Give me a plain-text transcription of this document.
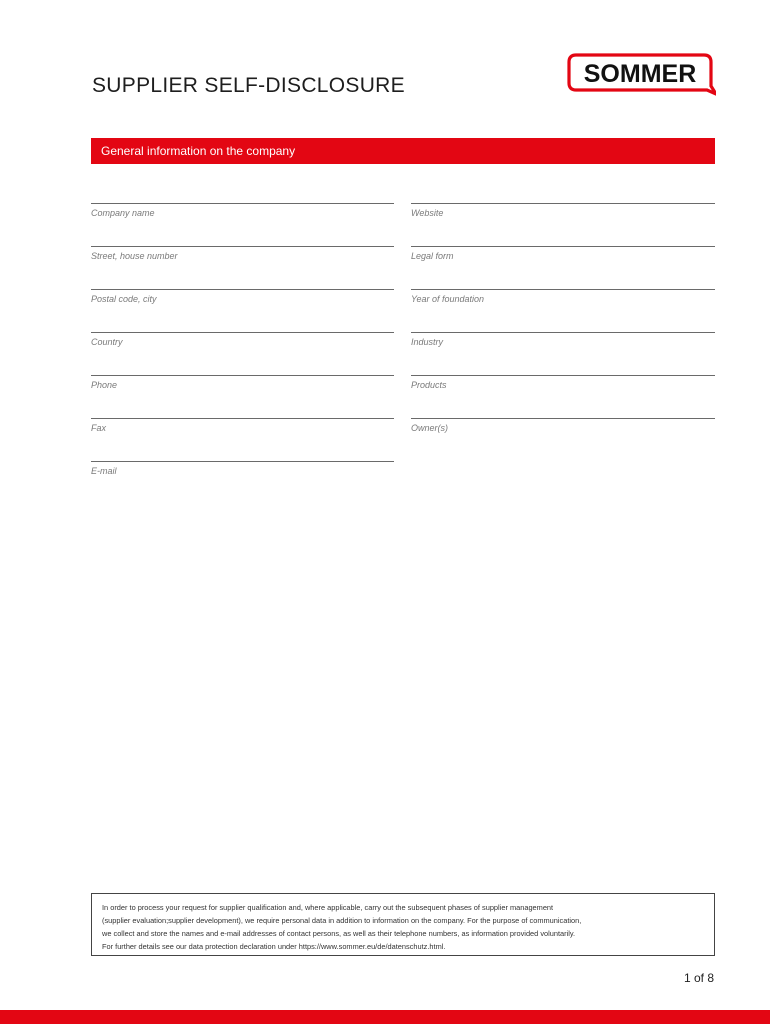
SUPPLIER SELF-DISCLOSURE	SOMMER
General information on the company
Company name
Street, house number
Postal code, city
Country
Phone
Fax
E-mail
Website
Legal form
Year of foundation
Industry
Products
Owner(s)

In order to process your request for supplier qualification and, where applicable, carry out the subsequent phases of supplier management

(supplier evaluation;supplier development), we require personal data in addition to information on the company. For the purpose of communication,

we collect and store the names and e-mail addresses of contact persons, as well as their telephone numbers, as information provided voluntarily.

For further details see our data protection declaration under https://www.sommer.eu/de/datenschutz.html.

1 of 8
